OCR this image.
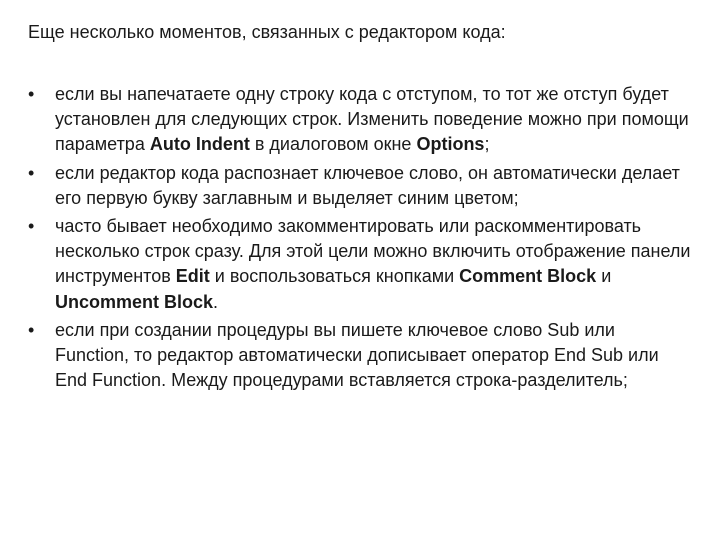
Еще несколько моментов, связанных с редактором кода:
•	если вы напечатаете одну строку кода с отступом, то тот же отступ будет установлен для следующих строк. Изменить поведение можно при помощи параметра Auto Indent в диалоговом окне Options;
•	если редактор кода распознает ключевое слово, он автоматически делает его первую букву заглавным и выделяет синим цветом;
•	часто бывает необходимо закомментировать или раскомментировать несколько строк сразу. Для этой цели можно включить отображение панели инструментов Edit и воспользоваться кнопками Comment Block и Uncomment Block.
•	если при создании процедуры вы пишете ключевое слово Sub или Function, то редактор автоматически дописывает оператор End Sub или End Function. Между процедурами вставляется строка-разделитель;
